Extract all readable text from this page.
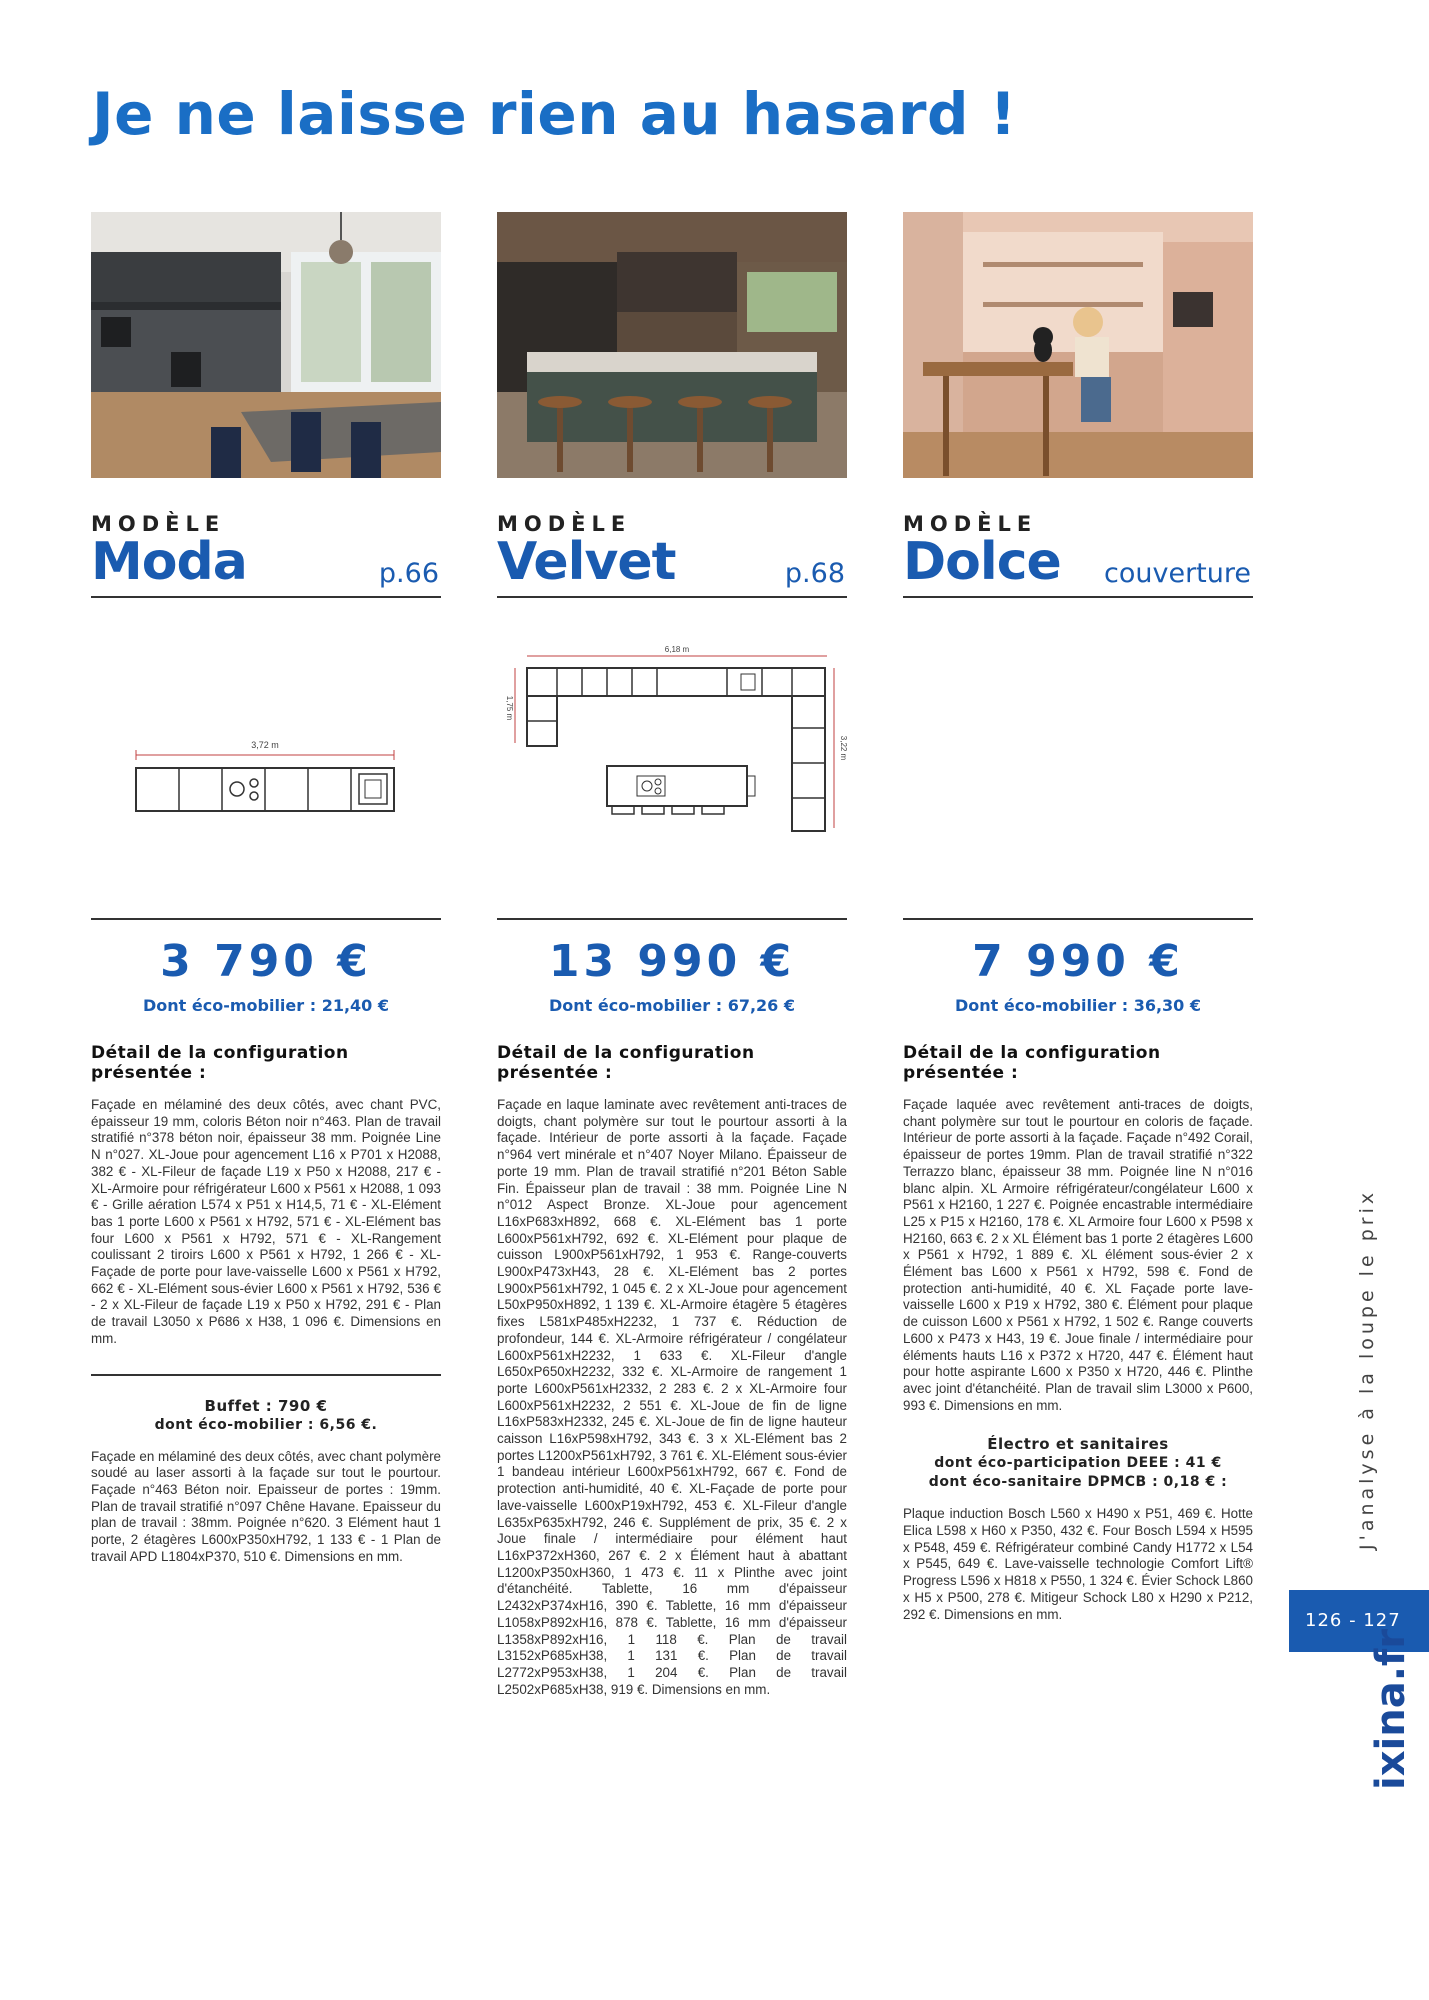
Je ne laisse rien au hasard !
MODÈLE
Moda	p.66
3,72 m
3 790 €
Dont éco-mobilier : 21,40 €
Détail de la configuration présentée :
Façade en mélaminé des deux côtés, avec chant PVC, épaisseur 19 mm, coloris Béton noir n°463. Plan de travail stratifié n°378 béton noir, épaisseur 38 mm. Poignée Line N n°027. XL-Joue pour agencement L16 x P701 x H2088, 382 € - XL-Fileur de façade L19 x P50 x H2088, 217 € - XL-Armoire pour réfrigérateur L600 x P561 x H2088, 1 093 € - Grille aération L574 x P51 x H14,5, 71 € - XL-Elément bas 1 porte L600 x P561 x H792, 571 € - XL-Elément bas four L600 x P561 x H792, 571 € - XL-Rangement coulissant 2 tiroirs L600 x P561 x H792, 1 266 € - XL-Façade de porte pour lave-vaisselle L600 x P561 x H792, 662 € - XL-Elément sous-évier L600 x P561 x H792, 536 € - 2 x XL-Fileur de façade L19 x P50 x H792, 291 € - Plan de travail L3050 x P686 x H38, 1 096 €. Dimensions en mm.
Buffet : 790 €
dont éco-mobilier : 6,56 €.
Façade en mélaminé des deux côtés, avec chant polymère soudé au laser assorti à la façade sur tout le pourtour. Façade n°463 Béton noir. Epaisseur de portes : 19mm. Plan de travail stratifié n°097 Chêne Havane. Epaisseur du plan de travail : 38mm. Poignée n°620. 3 Elément haut 1 porte, 2 étagères L600xP350xH792, 1 133 € - 1 Plan de travail APD L1804xP370, 510 €. Dimensions en mm.
MODÈLE
Velvet	p.68
6,18 m
1,75 m
3,22 m
13 990 €
Dont éco-mobilier : 67,26 €
Détail de la configuration présentée :
Façade en laque laminate avec revêtement anti-traces de doigts, chant polymère sur tout le pourtour assorti à la façade. Intérieur de porte assorti à la façade. Façade n°964 vert minérale et n°407 Noyer Milano. Épaisseur de porte 19 mm. Plan de travail stratifié n°201 Béton Sable Fin. Épaisseur plan de travail : 38 mm. Poignée Line N n°012 Aspect Bronze. XL-Joue pour agencement L16xP683xH892, 668 €. XL-Elément bas 1 porte L600xP561xH792, 692 €. XL-Elément pour plaque de cuisson L900xP561xH792, 1 953 €. Range-couverts L900xP473xH43, 28 €. XL-Elément bas 2 portes L900xP561xH792, 1 045 €. 2 x XL-Joue pour agencement L50xP950xH892, 1 139 €. XL-Armoire étagère 5 étagères fixes L581xP485xH2232, 1 737 €. Réduction de profondeur, 144 €. XL-Armoire réfrigérateur / congélateur L600xP561xH2232, 1 633 €. XL-Fileur d'angle L650xP650xH2232, 332 €. XL-Armoire de rangement 1 porte L600xP561xH2332, 2 283 €. 2 x XL-Armoire four L600xP561xH2232, 2 551 €. XL-Joue de fin de ligne L16xP583xH2332, 245 €. XL-Joue de fin de ligne hauteur caisson L16xP598xH792, 343 €. 3 x XL-Elément bas 2 portes L1200xP561xH792, 3 761 €. XL-Elément sous-évier 1 bandeau intérieur L600xP561xH792, 667 €. Fond de protection anti-humidité, 40 €. XL-Façade de porte pour lave-vaisselle L600xP19xH792, 453 €. XL-Fileur d'angle L635xP635xH792, 246 €. Supplément de prix, 35 €. 2 x Joue finale / intermédiaire pour élément haut L16xP372xH360, 267 €. 2 x Élément haut à abattant L1200xP350xH360, 1 473 €. 11 x Plinthe avec joint d'étanchéité. Tablette, 16 mm d'épaisseur L2432xP374xH16, 390 €. Tablette, 16 mm d'épaisseur L1058xP892xH16, 878 €. Tablette, 16 mm d'épaisseur L1358xP892xH16, 1 118 €. Plan de travail L3152xP685xH38, 1 131 €. Plan de travail L2772xP953xH38, 1 204 €. Plan de travail L2502xP685xH38, 919 €. Dimensions en mm.
MODÈLE
Dolce couverture
7 990 €
Dont éco-mobilier : 36,30 €
Détail de la configuration présentée :
Façade laquée avec revêtement anti-traces de doigts, chant polymère sur tout le pourtour en coloris de façade. Intérieur de porte assorti à la façade. Façade n°492 Corail, épaisseur de portes 19mm. Plan de travail stratifié n°322 Terrazzo blanc, épaisseur 38 mm. Poignée line N n°016 blanc alpin. XL Armoire réfrigérateur/congélateur L600 x P561 x H2160, 1 227 €. Poignée encastrable intermédiaire L25 x P15 x H2160, 178 €. XL Armoire four L600 x P598 x H2160, 663 €. 2 x XL Élément bas 1 porte 2 étagères L600 x P561 x H792, 1 889 €. XL élément sous-évier 2 x Élément bas L600 x P561 x H792, 598 €. Fond de protection anti-humidité, 40 €. XL Façade porte lave-vaisselle L600 x P19 x H792, 380 €. Élément pour plaque de cuisson L600 x P561 x H792, 1 502 €. Range couverts L600 x P473 x H43, 19 €. Joue finale / intermédiaire pour éléments hauts L16 x P372 x H720, 447 €. Élément haut pour hotte aspirante L600 x P350 x H720, 446 €. Plinthe avec joint d'étanchéité. Plan de travail slim L3000 x P600, 993 €. Dimensions en mm.
Électro et sanitaires
dont éco-participation DEEE : 41 €
dont éco-sanitaire DPMCB : 0,18 € :
Plaque induction Bosch L560 x H490 x P51, 469 €. Hotte Elica L598 x H60 x P350, 432 €. Four Bosch L594 x H595 x P548, 459 €. Réfrigérateur combiné Candy H1772 x L54 x P545, 649 €. Lave-vaisselle technologie Comfort Lift® Progress L596 x H818 x P550, 1 324 €. Évier Schock L860 x H5 x P500, 278 €. Mitigeur Schock L80 x H290 x P212, 292 €. Dimensions en mm.
J'analyse à la loupe le prix
126 - 127
ixina.fr
